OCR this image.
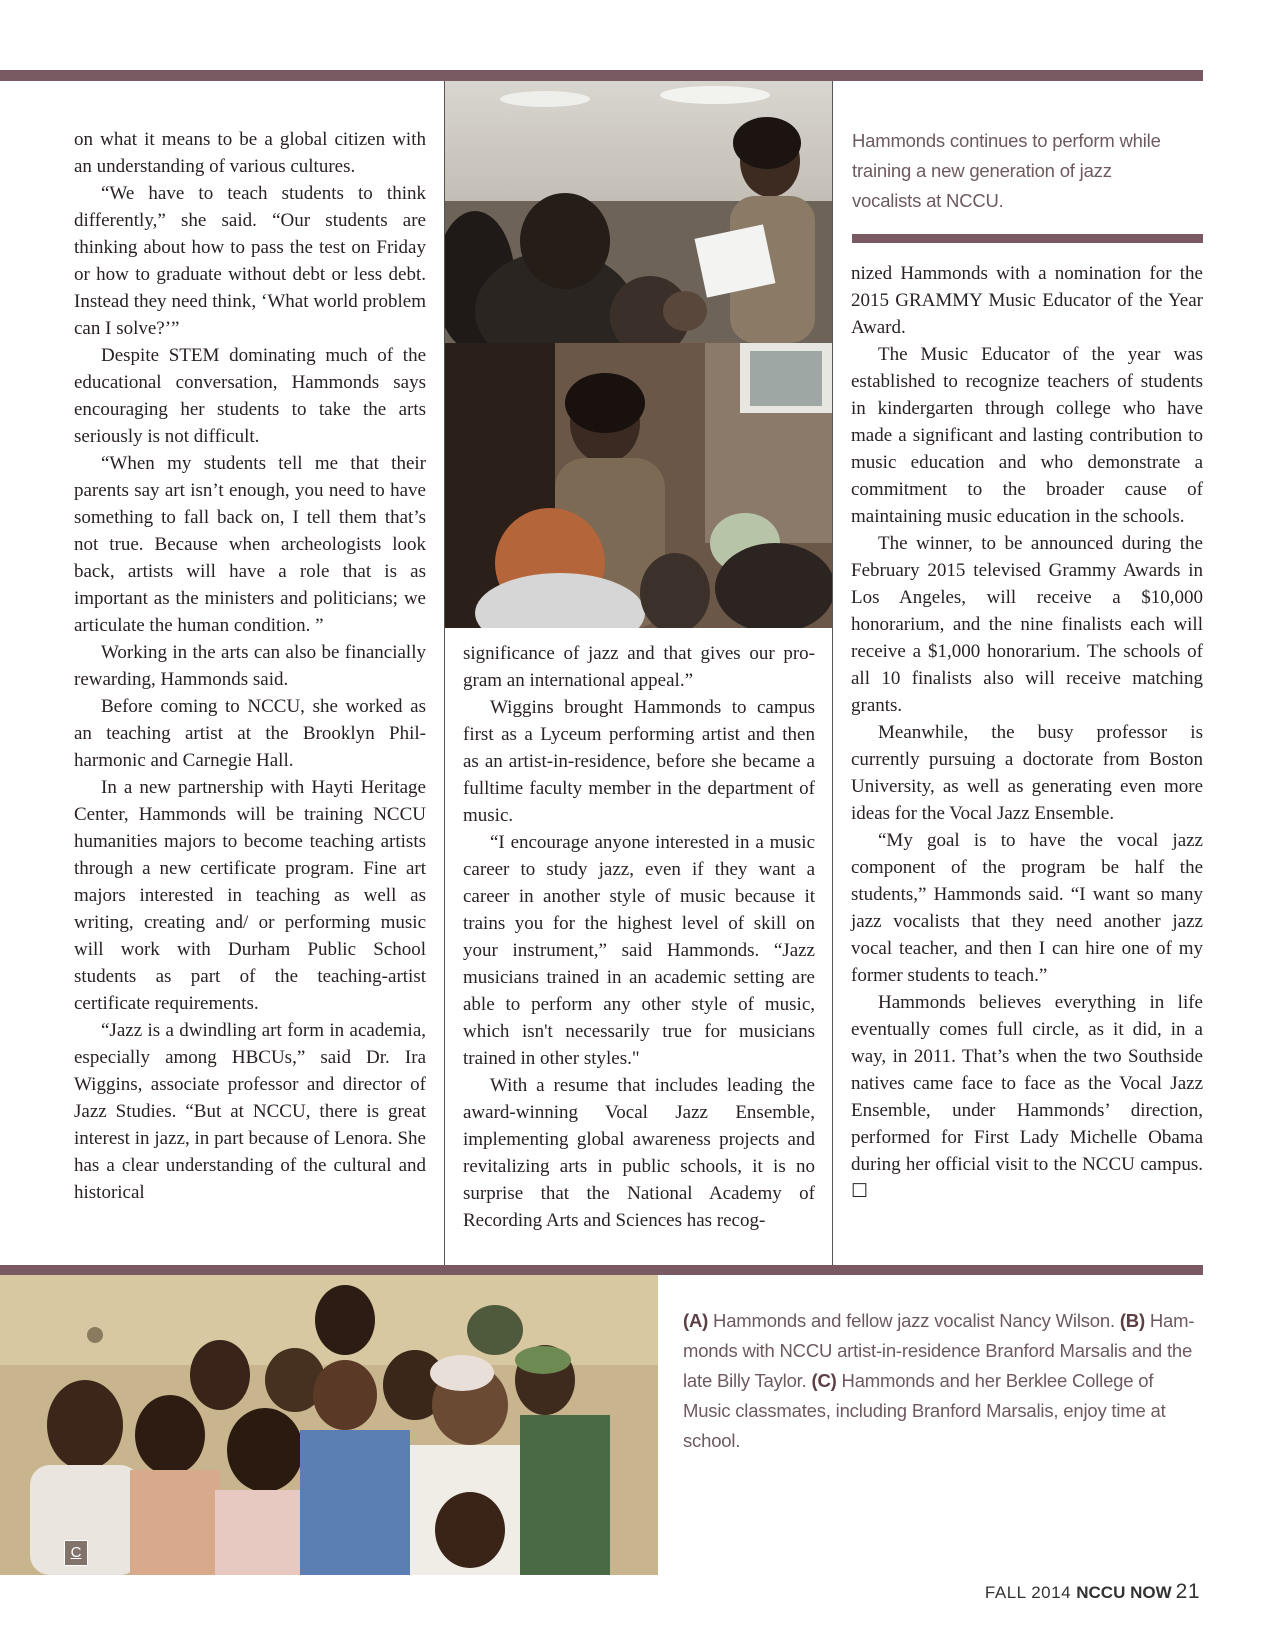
on what it means to be a global citizen with an understanding of various cultures.

“We have to teach students to think differently,” she said. “Our students are thinking about how to pass the test on Friday or how to graduate without debt or less debt. Instead they need think, ‘What world problem can I solve?’”

Despite STEM dominating much of the educational conversation, Hammonds says encouraging her students to take the arts seriously is not difficult.

“When my students tell me that their parents say art isn’t enough, you need to have something to fall back on, I tell them that’s not true. Because when archeologists look back, artists will have a role that is as important as the ministers and politicians; we articulate the human condition. ”

Working in the arts can also be financially rewarding, Hammonds said.

Before coming to NCCU, she worked as an teaching artist at the Brooklyn Philharmonic and Carnegie Hall.

In a new partnership with Hayti Heritage Center, Hammonds will be training NCCU humanities majors to become teaching artists through a new certificate program. Fine art majors interested in teaching as well as writing, creating and/ or performing music will work with Durham Public School students as part of the teaching-artist certificate requirements.

“Jazz is a dwindling art form in academia, especially among HBCUs,” said Dr. Ira Wiggins, associate professor and director of Jazz Studies. “But at NCCU, there is great interest in jazz, in part because of Lenora. She has a clear understanding of the cultural and historical

significance of jazz and that gives our program an international appeal.”

Wiggins brought Hammonds to campus first as a Lyceum performing artist and then as an artist-in-residence, before she became a fulltime faculty member in the department of music.

“I encourage anyone interested in a music career to study jazz, even if they want a career in another style of music because it trains you for the highest level of skill on your instrument,” said Hammonds. “Jazz musicians trained in an academic setting are able to perform any other style of music, which isn't necessarily true for musicians trained in other styles."

With a resume that includes leading the award-winning Vocal Jazz Ensemble, implementing global awareness projects and revitalizing arts in public schools, it is no surprise that the National Academy of Recording Arts and Sciences has recog-

Hammonds continues to perform while training a new generation of jazz vocalists at NCCU.

nized Hammonds with a nomination for the 2015 GRAMMY Music Educator of the Year Award.

The Music Educator of the year was established to recognize teachers of students in kindergarten through college who have made a significant and lasting contribution to music education and who demonstrate a commitment to the broader cause of maintaining music education in the schools.

The winner, to be announced during the February 2015 televised Grammy Awards in Los Angeles, will receive a $10,000 honorarium, and the nine finalists each will receive a $1,000 honorarium. The schools of all 10 finalists also will receive matching grants.

Meanwhile, the busy professor is currently pursuing a doctorate from Boston University, as well as generating even more ideas for the Vocal Jazz Ensemble.

“My goal is to have the vocal jazz component of the program be half the students,” Hammonds said. “I want so many jazz vocalists that they need another jazz vocal teacher, and then I can hire one of my former students to teach.”

Hammonds believes everything in life eventually comes full circle, as it did, in a way, in 2011. That’s when the two Southside natives came face to face as the Vocal Jazz Ensemble, under Hammonds’ direction, performed for First Lady Michelle Obama during her official visit to the NCCU campus. ☐

C
(A) Hammonds and fellow jazz vocalist Nancy Wilson. (B) Hammonds with NCCU artist-in-residence Branford Marsalis and the late Billy Taylor. (C) Hammonds and her Berklee College of Music classmates, including Branford Marsalis, enjoy time at school.
FALL 2014 NCCU NOW 21
